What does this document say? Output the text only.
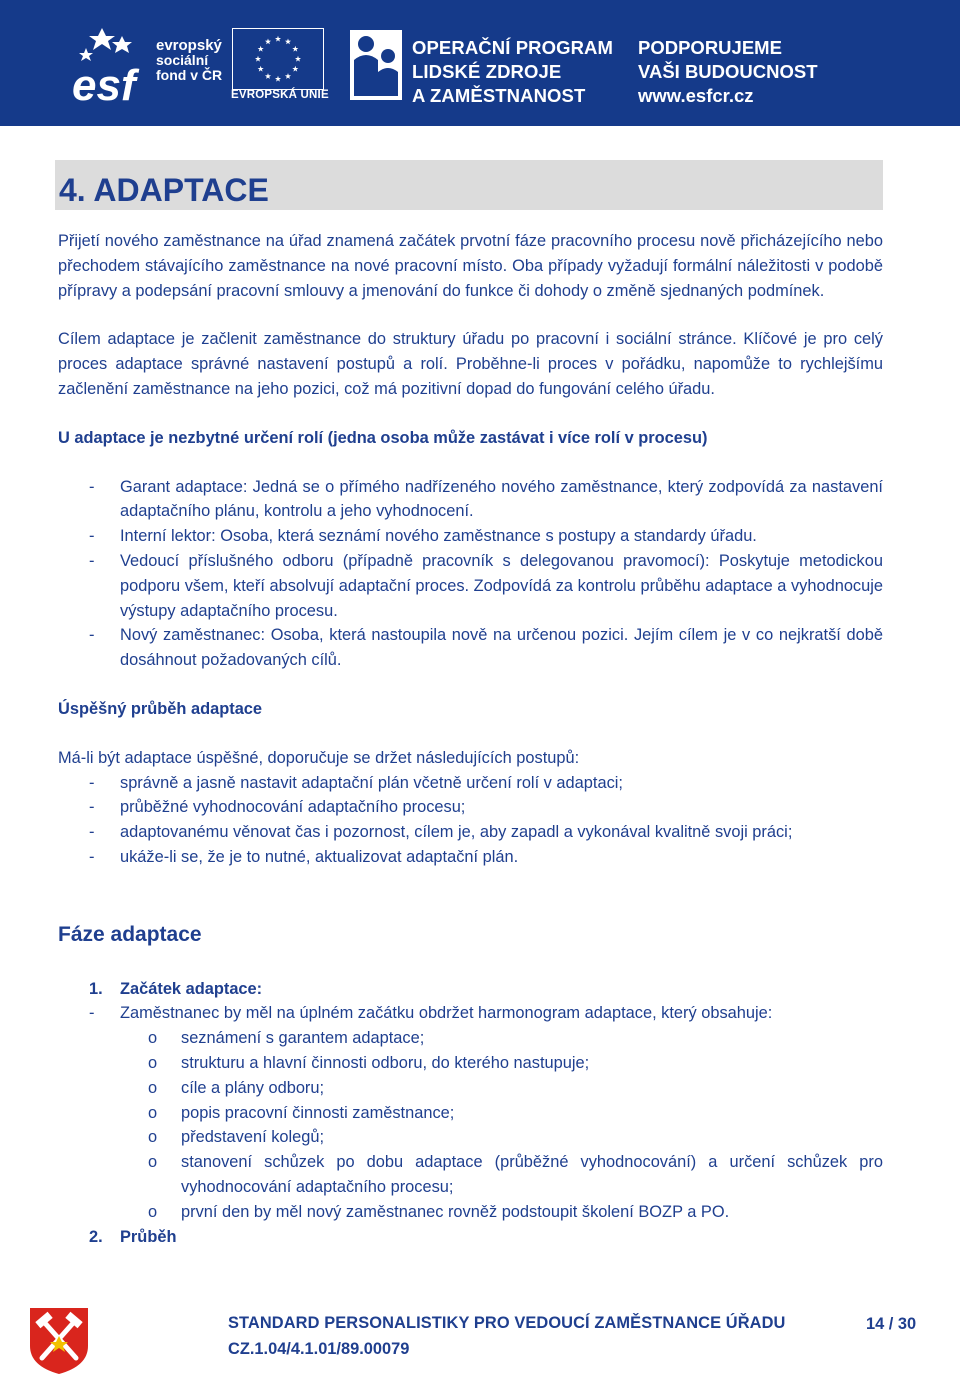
esf
evropský
sociální
fond v ČR
EVROPSKÁ UNIE
OPERAČNÍ PROGRAM
LIDSKÉ ZDROJE
A ZAMĚSTNANOST
PODPORUJEME
VAŠI BUDOUCNOST
www.esfcr.cz
4. ADAPTACE

Přijetí nového zaměstnance na úřad znamená začátek prvotní fáze pracovního procesu nově přicházejícího nebo přechodem stávajícího zaměstnance na nové pracovní místo. Oba případy vyžadují formální náležitosti v podobě přípravy a podepsání pracovní smlouvy a jmenování do funkce či dohody o změně sjednaných podmínek.

Cílem adaptace je začlenit zaměstnance do struktury úřadu po pracovní i sociální stránce. Klíčové je pro celý proces adaptace správné nastavení postupů a rolí. Proběhne-li proces v pořádku, napomůže to rychlejšímu začlenění zaměstnance na jeho pozici, což má pozitivní dopad do fungování celého úřadu.

U adaptace je nezbytné určení rolí (jedna osoba může zastávat i více rolí v procesu)

- Garant adaptace: Jedná se o přímého nadřízeného nového zaměstnance, který zodpovídá za nastavení adaptačního plánu, kontrolu a jeho vyhodnocení.
- Interní lektor: Osoba, která seznámí nového zaměstnance s postupy a standardy úřadu.
- Vedoucí příslušného odboru (případně pracovník s delegovanou pravomocí): Poskytuje metodickou podporu všem, kteří absolvují adaptační proces. Zodpovídá za kontrolu průběhu adaptace a vyhodnocuje výstupy adaptačního procesu.
- Nový zaměstnanec: Osoba, která nastoupila nově na určenou pozici. Jejím cílem je v co nejkratší době dosáhnout požadovaných cílů.

Úspěšný průběh adaptace

Má-li být adaptace úspěšné, doporučuje se držet následujících postupů:

- správně a jasně nastavit adaptační plán včetně určení rolí v adaptaci;
- průběžné vyhodnocování adaptačního procesu;
- adaptovanému věnovat čas i pozornost, cílem je, aby zapadl a vykonával kvalitně svoji práci;
- ukáže-li se, že je to nutné, aktualizovat adaptační plán.

Fáze adaptace

1. Začátek adaptace:
- Zaměstnanec by měl na úplném začátku obdržet harmonogram adaptace, který obsahuje:
o seznámení s garantem adaptace;
o strukturu a hlavní činnosti odboru, do kterého nastupuje;
o cíle a plány odboru;
o popis pracovní činnosti zaměstnance;
o představení kolegů;
o stanovení schůzek po dobu adaptace (průběžné vyhodnocování) a určení schůzek pro vyhodnocování adaptačního procesu;
o první den by měl nový zaměstnanec rovněž podstoupit školení BOZP a PO.
2. Průběh
STANDARD PERSONALISTIKY PRO VEDOUCÍ ZAMĚSTNANCE ÚŘADU
CZ.1.04/4.1.01/89.00079
14 / 30
